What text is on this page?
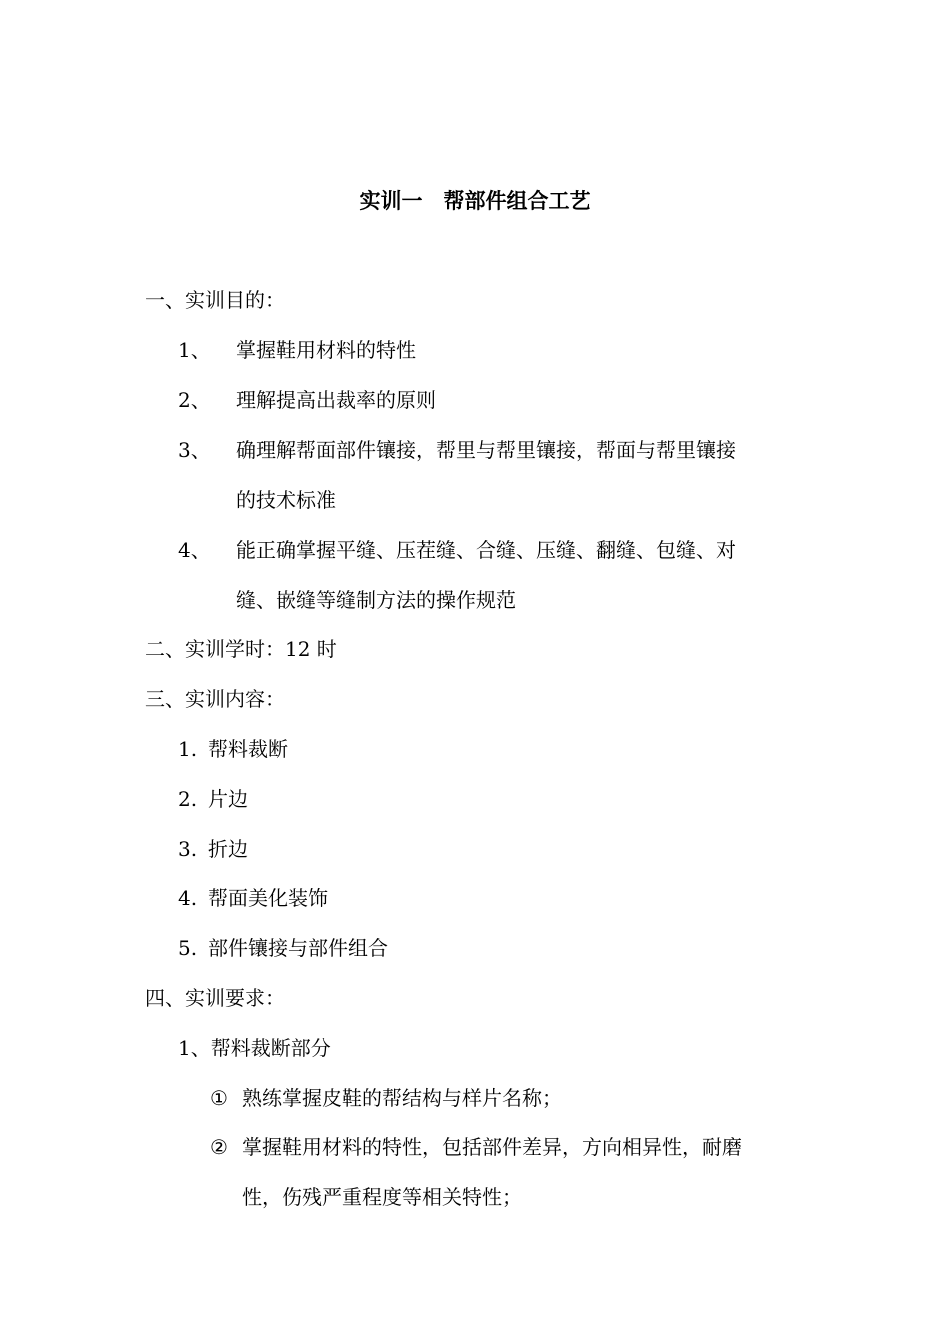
实训一　帮部件组合工艺
一、实训目的：
1、 掌握鞋用材料的特性
2、 理解提高出裁率的原则
3、 确理解帮面部件镶接，帮里与帮里镶接，帮面与帮里镶接
的技术标准
4、 能正确掌握平缝、压茬缝、合缝、压缝、翻缝、包缝、对
缝、嵌缝等缝制方法的操作规范
二、实训学时：12 时
三、实训内容：
1. 帮料裁断
2. 片边
3. 折边
4. 帮面美化装饰
5. 部件镶接与部件组合
四、实训要求：
1、帮料裁断部分
① 熟练掌握皮鞋的帮结构与样片名称；
② 掌握鞋用材料的特性，包括部件差异，方向相异性，耐磨
性，伤残严重程度等相关特性；
